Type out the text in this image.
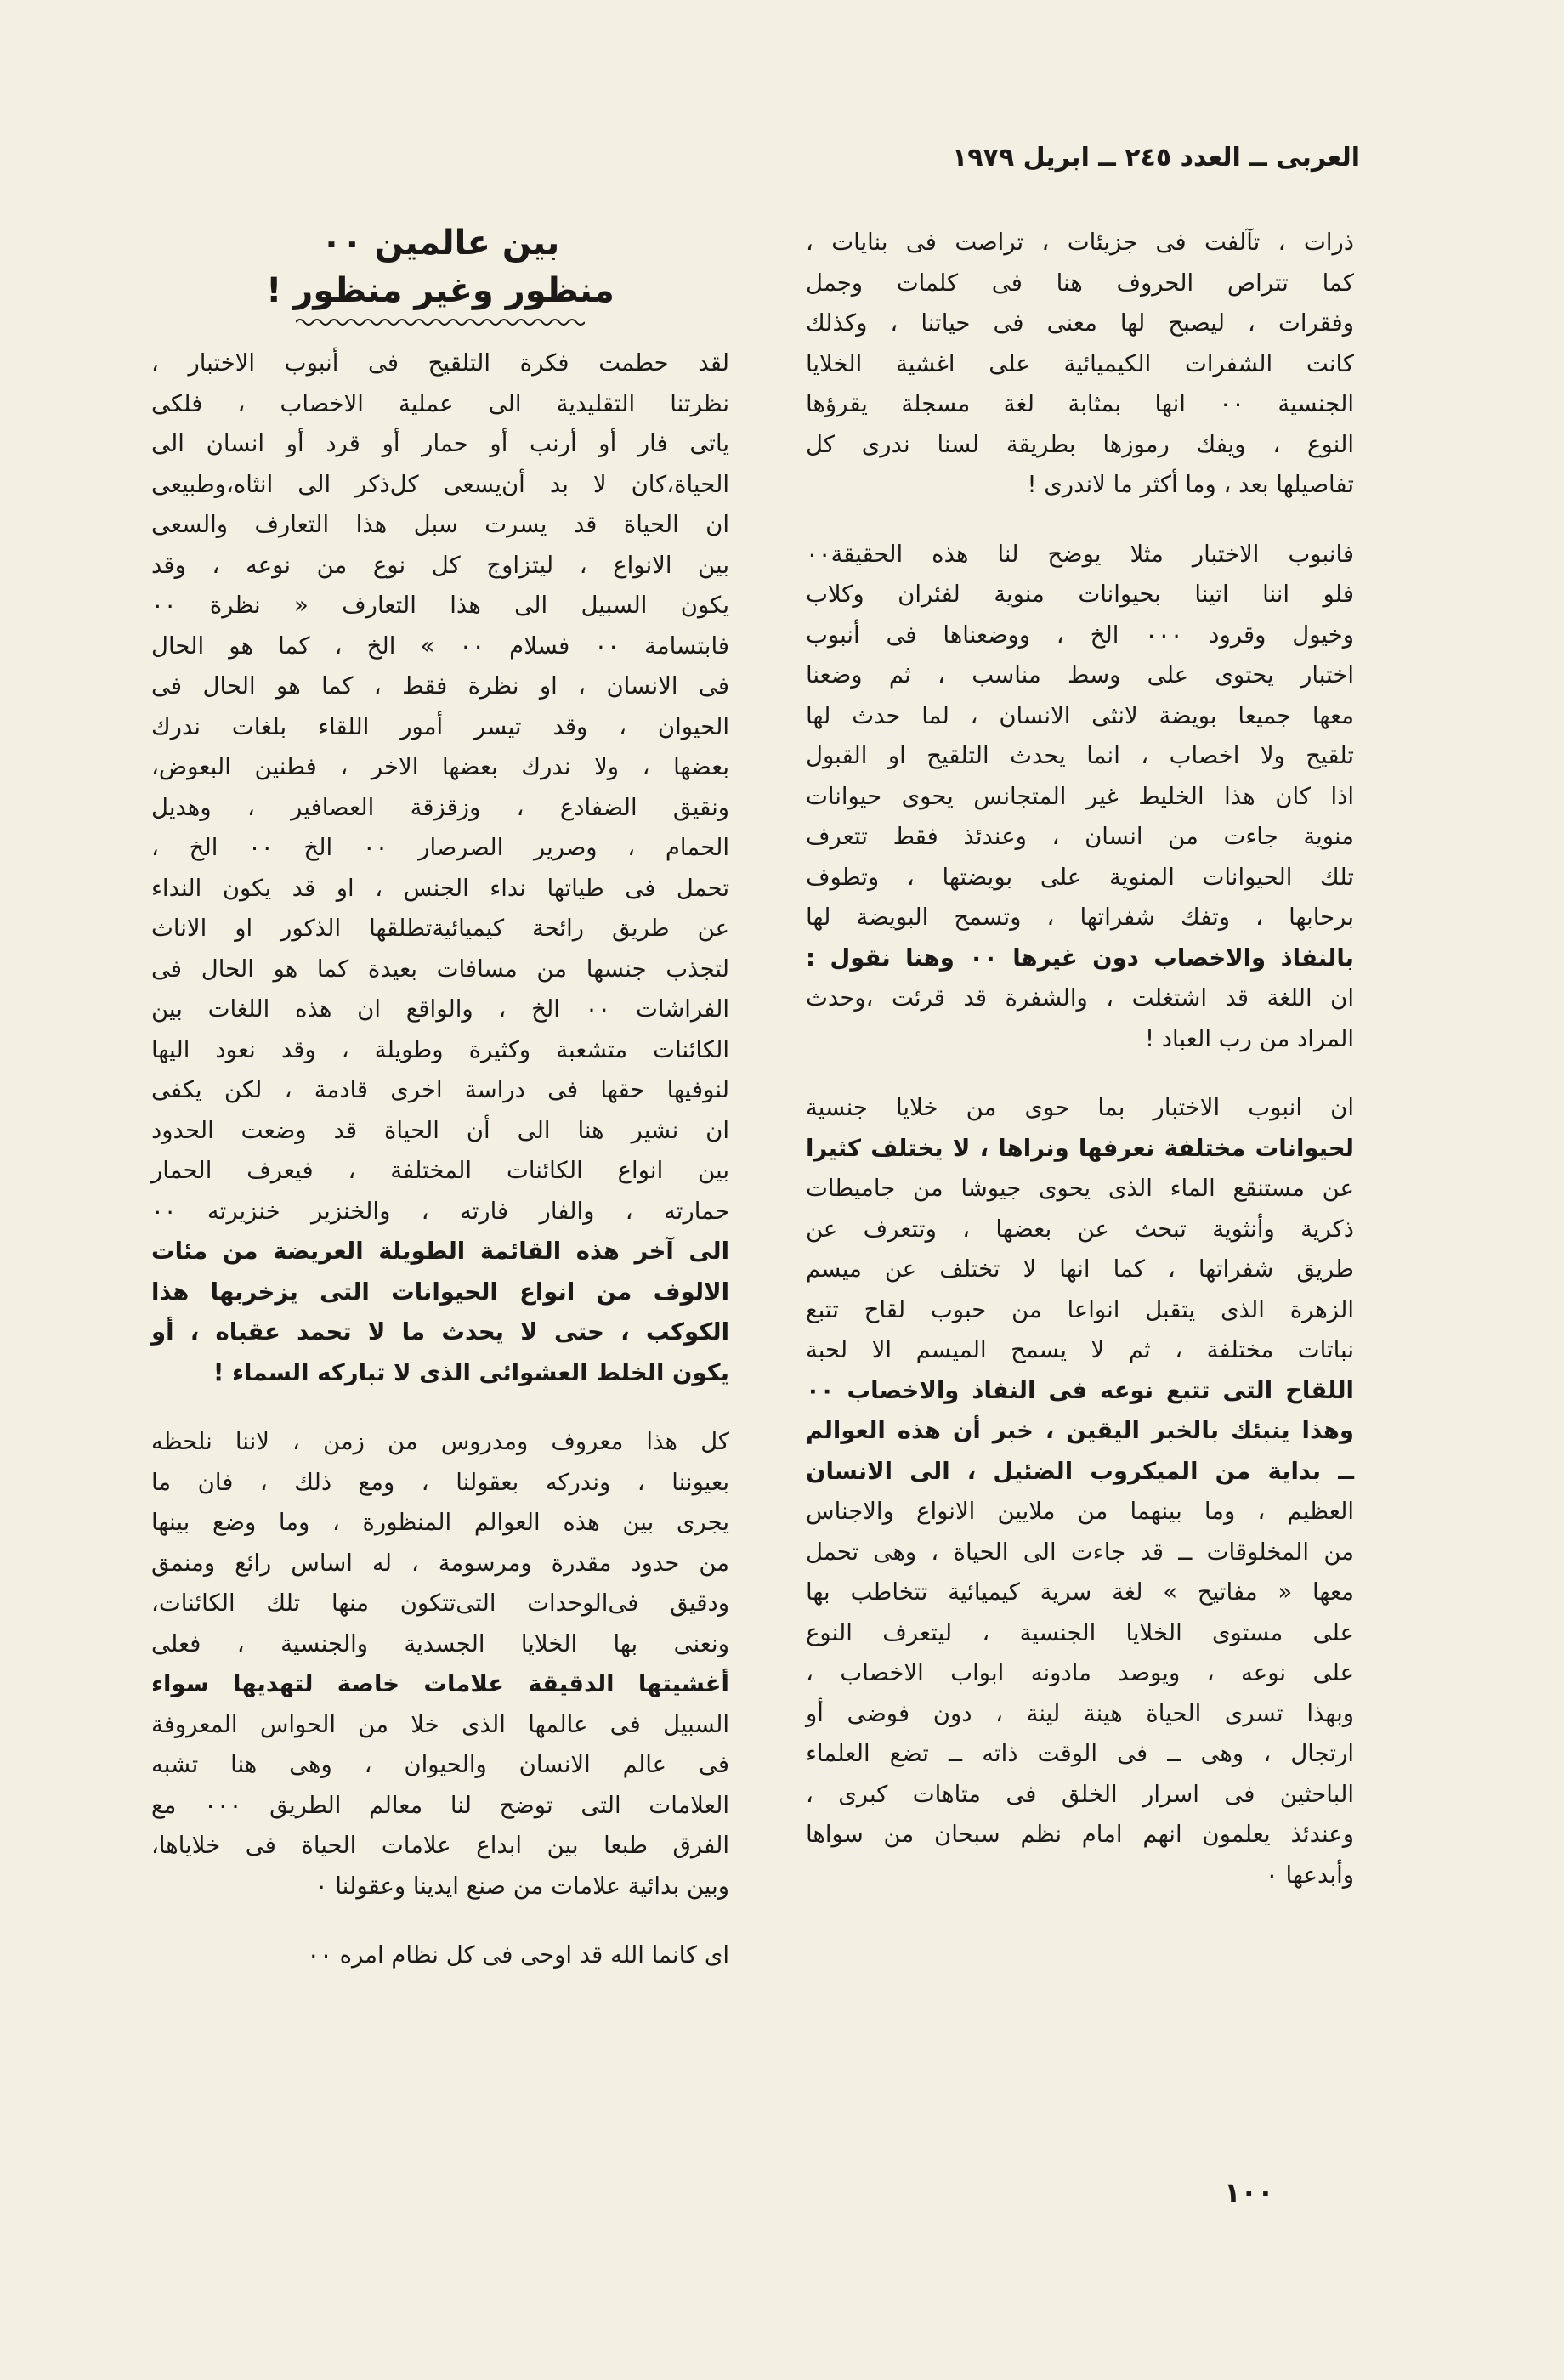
العربى ــ العدد ٢٤٥ ــ ابريل ١٩٧٩

ذرات ، تآلفت فى جزيئات ، تراصت فى بنايات ،
كما تتراص الحروف هنا فى كلمات وجمل
وفقرات ، ليصبح لها معنى فى حياتنا ، وكذلك
كانت الشفرات الكيميائية على اغشية الخلايا
الجنسية ٠٠ انها بمثابة لغة مسجلة يقرؤها
النوع ، ويفك رموزها بطريقة لسنا ندرى كل
تفاصيلها بعد ، وما أكثر ما لاندرى !

فانبوب الاختبار مثلا يوضح لنا هذه الحقيقة٠٠
فلو اننا اتينا بحيوانات منوية لفئران وكلاب
وخيول وقرود ٠٠٠ الخ ، ووضعناها فى أنبوب
اختبار يحتوى على وسط مناسب ، ثم وضعنا
معها جميعا بويضة لانثى الانسان ، لما حدث لها
تلقيح ولا اخصاب ، انما يحدث التلقيح او القبول
اذا كان هذا الخليط غير المتجانس يحوى حيوانات
منوية جاءت من انسان ، وعندئذ فقط تتعرف
تلك الحيوانات المنوية على بويضتها ، وتطوف
برحابها ، وتفك شفراتها ، وتسمح البويضة لها
بالنفاذ والاخصاب دون غيرها ٠٠ وهنا نقول :
ان اللغة قد اشتغلت ، والشفرة قد قرئت ،وحدث
المراد من رب العباد !

ان انبوب الاختبار بما حوى من خلايا جنسية
لحيوانات مختلفة نعرفها ونراها ، لا يختلف كثيرا
عن مستنقع الماء الذى يحوى جيوشا من جاميطات
ذكرية وأنثوية تبحث عن بعضها ، وتتعرف عن
طريق شفراتها ، كما انها لا تختلف عن ميسم
الزهرة الذى يتقبل انواعا من حبوب لقاح تتبع
نباتات مختلفة ، ثم لا يسمح الميسم الا لحبة
اللقاح التى تتبع نوعه فى النفاذ والاخصاب ٠٠
وهذا ينبئك بالخبر اليقين ، خبر أن هذه العوالم
ــ بداية من الميكروب الضئيل ، الى الانسان
العظيم ، وما بينهما من ملايين الانواع والاجناس
من المخلوقات ــ قد جاءت الى الحياة ، وهى تحمل
معها « مفاتيح » لغة سرية كيميائية تتخاطب بها
على مستوى الخلايا الجنسية ، ليتعرف النوع
على نوعه ، ويوصد مادونه ابواب الاخصاب ،
وبهذا تسرى الحياة هينة لينة ، دون فوضى أو
ارتجال ، وهى ــ فى الوقت ذاته ــ تضع العلماء
الباحثين فى اسرار الخلق فى متاهات كبرى ،
وعندئذ يعلمون انهم امام نظم سبحان من سواها
وأبدعها ٠

بين عالمين ٠٠
منظور وغير منظور !

لقد حطمت فكرة التلقيح فى أنبوب الاختبار ،
نظرتنا التقليدية الى عملية الاخصاب ، فلكى
ياتى فار أو أرنب أو حمار أو قرد أو انسان الى
الحياة،كان لا بد أن‌يسعى كل‌ذكر الى انثاه،وطبيعى
ان الحياة قد يسرت سبل هذا التعارف والسعى
بين الانواع ، ليتزاوج كل نوع من نوعه ، وقد
يكون السبيل الى هذا التعارف « نظرة ٠٠
فابتسامة ٠٠ فسلام ٠٠ » الخ ، كما هو الحال
فى الانسان ، او نظرة فقط ، كما هو الحال فى
الحيوان ، وقد تيسر أمور اللقاء بلغات ندرك
بعضها ، ولا ندرك بعضها الاخر ، فطنين البعوض،
ونقيق الضفادع ، وزقزقة العصافير ، وهديل
الحمام ، وصرير الصرصار ٠٠ الخ ٠٠ الخ ،
تحمل فى طياتها نداء الجنس ، او قد يكون النداء
عن طريق رائحة كيميائية‌تطلقها الذكور او الاناث
لتجذب جنسها من مسافات بعيدة كما هو الحال فى
الفراشات ٠٠ الخ ، والواقع ان هذه اللغات بين
الكائنات متشعبة وكثيرة وطويلة ، وقد نعود اليها
لنوفيها حقها فى دراسة اخرى قادمة ، لكن يكفى
ان نشير هنا الى أن الحياة قد وضعت الحدود
بين انواع الكائنات المختلفة ، فيعرف الحمار
حمارته ، والفار فارته ، والخنزير خنزيرته ٠٠
الى آخر هذه القائمة الطويلة العريضة من مئات
الالوف من انواع الحيوانات التى يزخربها هذا
الكوكب ، حتى لا يحدث ما لا تحمد عقباه ، أو
يكون الخلط العشوائى الذى لا تباركه السماء !

كل هذا معروف ومدروس من زمن ، لاننا نلحظه
بعيوننا ، وندركه بعقولنا ، ومع ذلك ، فان ما
يجرى بين هذه العوالم المنظورة ، وما وضع بينها
من حدود مقدرة ومرسومة ، له اساس رائع ومنمق
ودقيق فى‌الوحدات التى‌تتكون منها تلك الكائنات،
ونعنى بها الخلايا الجسدية والجنسية ، فعلى
أغشيتها الدقيقة علامات خاصة لتهديها سواء
السبيل فى عالمها الذى خلا من الحواس المعروفة
فى عالم الانسان والحيوان ، وهى هنا تشبه
العلامات التى توضح لنا معالم الطريق ٠٠٠ مع
الفرق طبعا بين ابداع علامات الحياة فى خلاياها،
وبين بدائية علامات من صنع ايدينا وعقولنا ٠

اى كانما الله قد اوحى فى كل نظام امره ٠٠

١٠٠
